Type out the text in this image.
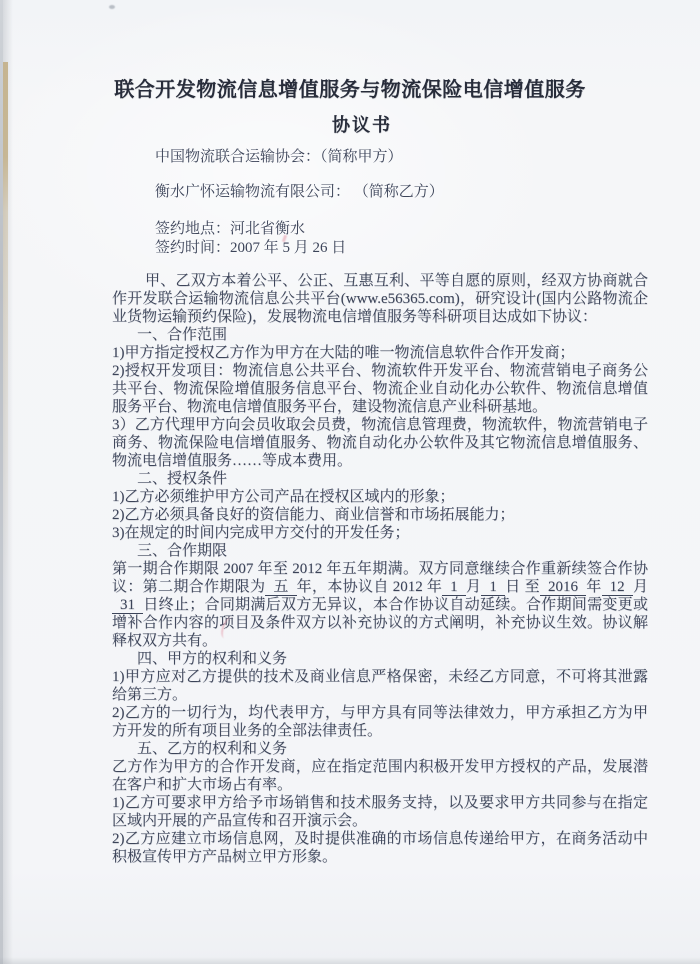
联合开发物流信息增值服务与物流保险电信增值服务
协议书

中国物流联合运输协会：（简称甲方）

衡水广怀运输物流有限公司： （简称乙方）

签约地点：河北省衡水

签约时间：2007 年 5 月 26 日

甲、乙双方本着公平、公正、互惠互利、平等自愿的原则，经双方协商就合作开发联合运输物流信息公共平台(www.e56365.com)，研究设计(国内公路物流企业货物运输预约保险)，发展物流电信增值服务等科研项目达成如下协议：

一、合作范围

1)甲方指定授权乙方作为甲方在大陆的唯一物流信息软件合作开发商；

2)授权开发项目：物流信息公共平台、物流软件开发平台、物流营销电子商务公共平台、物流保险增值服务信息平台、物流企业自动化办公软件、物流信息增值服务平台、物流电信增值服务平台，建设物流信息产业科研基地。

3）乙方代理甲方向会员收取会员费，物流信息管理费，物流软件，物流营销电子商务、物流保险电信增值服务、物流自动化办公软件及其它物流信息增值服务、物流电信增值服务……等成本费用。

二、授权条件

1)乙方必须维护甲方公司产品在授权区域内的形象；

2)乙方必须具备良好的资信能力、商业信誉和市场拓展能力；

3)在规定的时间内完成甲方交付的开发任务；

三、合作期限

第一期合作期限 2007 年至 2012 年五年期满。双方同意继续合作重新续签合作协议：第二期合作期限为 五 年，本协议自 2012 年 1 月 1 日 至 2016 年 12 月31 日终止；合同期满后双方无异议，本合作协议自动延续。合作期间需变更或增补合作内容的项目及条件双方以补充协议的方式阐明，补充协议生效。协议解释权双方共有。

四、甲方的权利和义务

1)甲方应对乙方提供的技术及商业信息严格保密，未经乙方同意，不可将其泄露给第三方。

2)乙方的一切行为，均代表甲方，与甲方具有同等法律效力，甲方承担乙方为甲方开发的所有项目业务的全部法律责任。

五、乙方的权利和义务

乙方作为甲方的合作开发商，应在指定范围内积极开发甲方授权的产品，发展潜在客户和扩大市场占有率。

1)乙方可要求甲方给予市场销售和技术服务支持，以及要求甲方共同参与在指定区域内开展的产品宣传和召开演示会。

2)乙方应建立市场信息网，及时提供准确的市场信息传递给甲方，在商务活动中积极宣传甲方产品树立甲方形象。
